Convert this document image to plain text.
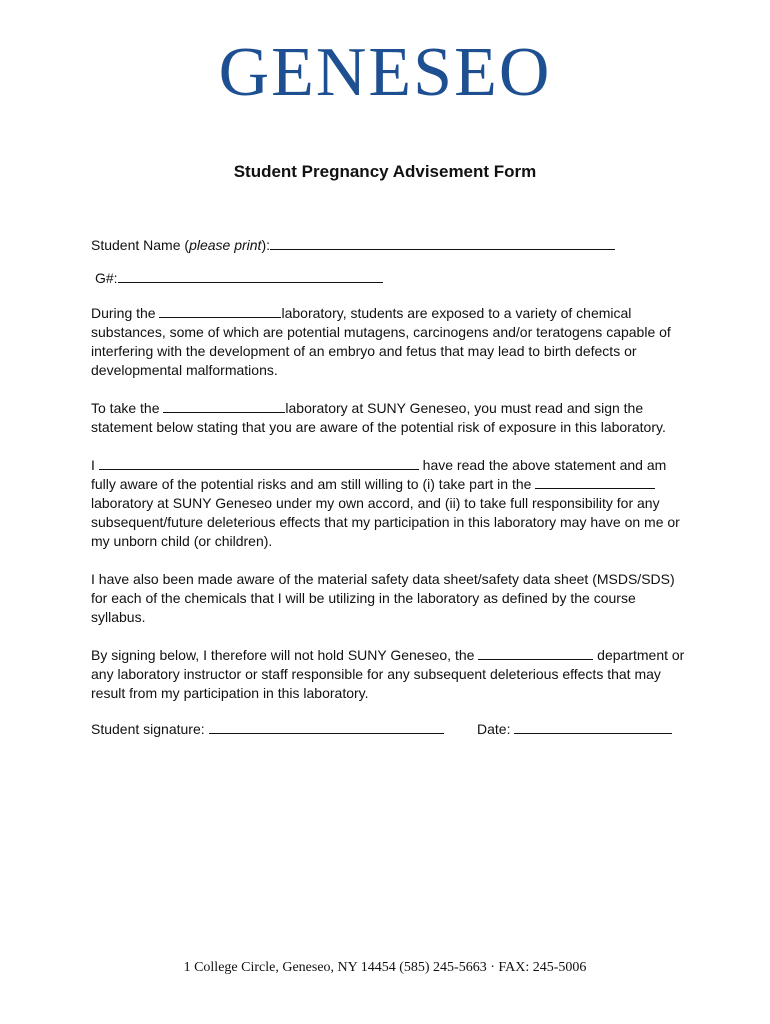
GENESEO
Student Pregnancy Advisement Form
Student Name (please print):
G#:
During the	laboratory, students are exposed to a variety of chemical substances, some of which are potential mutagens, carcinogens and/or teratogens capable of interfering with the development of an embryo and fetus that may lead to birth defects or developmental malformations.
To take the	laboratory at SUNY Geneseo, you must read and sign the statement below stating that you are aware of the potential risk of exposure in this laboratory.
I	have read the above statement and am fully aware of the potential risks and am still willing to (i) take part in the laboratory at SUNY Geneseo under my own accord, and (ii) to take full responsibility for any subsequent/future deleterious effects that my participation in this laboratory may have on me or my unborn child (or children).
I have also been made aware of the material safety data sheet/safety data sheet (MSDS/SDS) for each of the chemicals that I will be utilizing in the laboratory as defined by the course syllabus.
By signing below, I therefore will not hold SUNY Geneseo, the	department or any laboratory instructor or staff responsible for any subsequent deleterious effects that may result from my participation in this laboratory.
Student signature:	Date:
1 College Circle, Geneseo, NY 14454 (585) 245-5663 · FAX: 245-5006
